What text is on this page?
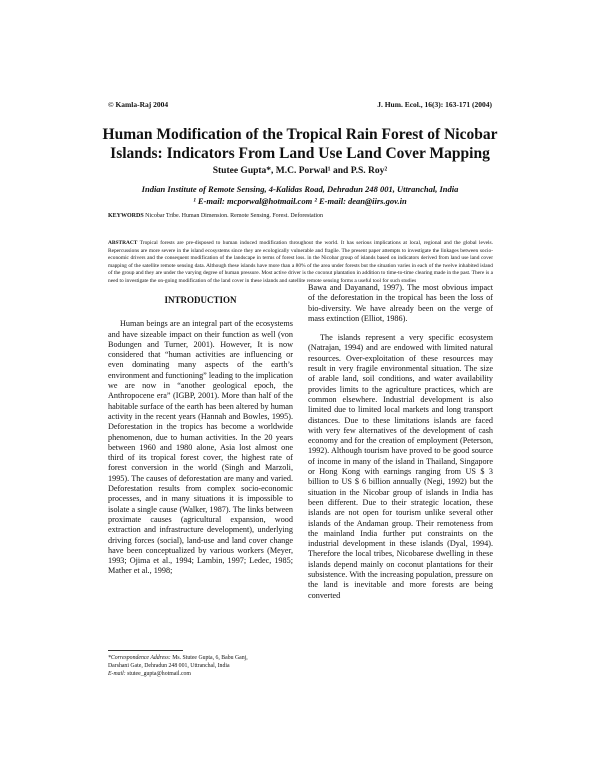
© Kamla-Raj 2004	J. Hum. Ecol., 16(3): 163-171 (2004)
Human Modification of the Tropical Rain Forest of Nicobar
Islands: Indicators From Land Use Land Cover Mapping
Stutee Gupta*, M.C. Porwal¹ and P.S. Roy²
Indian Institute of Remote Sensing, 4-Kalidas Road, Dehradun 248 001, Uttranchal, India
¹ E-mail: mcporwal@hotmail.com ² E-mail: dean@iirs.gov.in
KEYWORDS Nicobar Tribe. Human Dimension. Remote Sensing. Forest. Deforestation
ABSTRACT Tropical forests are pre-disposed to human induced modification throughout the world. It has serious implications at local, regional and the global levels. Repercussions are more severe in the island ecosystems since they are ecologically vulnerable and fragile. The present paper attempts to investigate the linkages between socio-economic drivers and the consequent modification of the landscape in terms of forest loss. in the Nicobar group of islands based on indicators derived from land use land cover mapping of the satellite remote sensing data. Although these islands have more than a 80% of the area under forests but the situation varies in each of the twelve inhabited island of the group and they are under the varying degree of human pressure. Most active driver is the coconut plantation in addition to time-to-time clearing made in the past. There is a need to investigate the on-going modification of the land cover in these islands and satellite remote sensing forms a useful tool for such studies
INTRODUCTION

Human beings are an integral part of the ecosystems and have sizeable impact on their function as well (von Bodungen and Turner, 2001). However, It is now considered that “human activities are influencing or even dominating many aspects of the earth’s environment and functioning” leading to the implication we are now in “another geological epoch, the Anthropocene era” (IGBP, 2001). More than half of the habitable surface of the earth has been altered by human activity in the recent years (Hannah and Bowles, 1995). Deforestation in the tropics has become a worldwide phenomenon, due to human activities. In the 20 years between 1960 and 1980 alone, Asia lost almost one third of its tropical forest cover, the highest rate of forest conversion in the world (Singh and Marzoli, 1995). The causes of deforestation are many and varied. Deforestation results from complex socio-economic processes, and in many situations it is impossible to isolate a single cause (Walker, 1987). The links between proximate causes (agricultural expansion, wood extraction and infrastructure development), underlying driving forces (social), land-use and land cover change have been conceptualized by various workers (Meyer, 1993; Ojima et al., 1994; Lambin, 1997; Ledec, 1985; Mather et al., 1998;

Bawa and Dayanand, 1997). The most obvious impact of the deforestation in the tropical has been the loss of bio-diversity. We have already been on the verge of mass extinction (Elliot, 1986).

The islands represent a very specific ecosystem (Natrajan, 1994) and are endowed with limited natural resources. Over-exploitation of these resources may result in very fragile environmental situation. The size of arable land, soil conditions, and water availability provides limits to the agriculture practices, which are common elsewhere. Industrial development is also limited due to limited local markets and long transport distances. Due to these limitations islands are faced with very few alternatives of the development of cash economy and for the creation of employment (Peterson, 1992). Although tourism have proved to be good source of income in many of the island in Thailand, Singapore or Hong Kong with earnings ranging from US $ 3 billion to US $ 6 billion annually (Negi, 1992) but the situation in the Nicobar group of islands in India has been different. Due to their strategic location, these islands are not open for tourism unlike several other islands of the Andaman group. Their remoteness from the mainland India further put constraints on the industrial development in these islands (Dyal, 1994). Therefore the local tribes, Nicobarese dwelling in these islands depend mainly on coconut plantations for their subsistence. With the increasing population, pressure on the land is inevitable and more forests are being converted

*Correspondence Address: Ms. Stutee Gupta, 6, Babu Ganj,
Darshani Gate, Dehradun 248 001, Uttranchal, India
E-mail: stutee_gupta@hotmail.com
